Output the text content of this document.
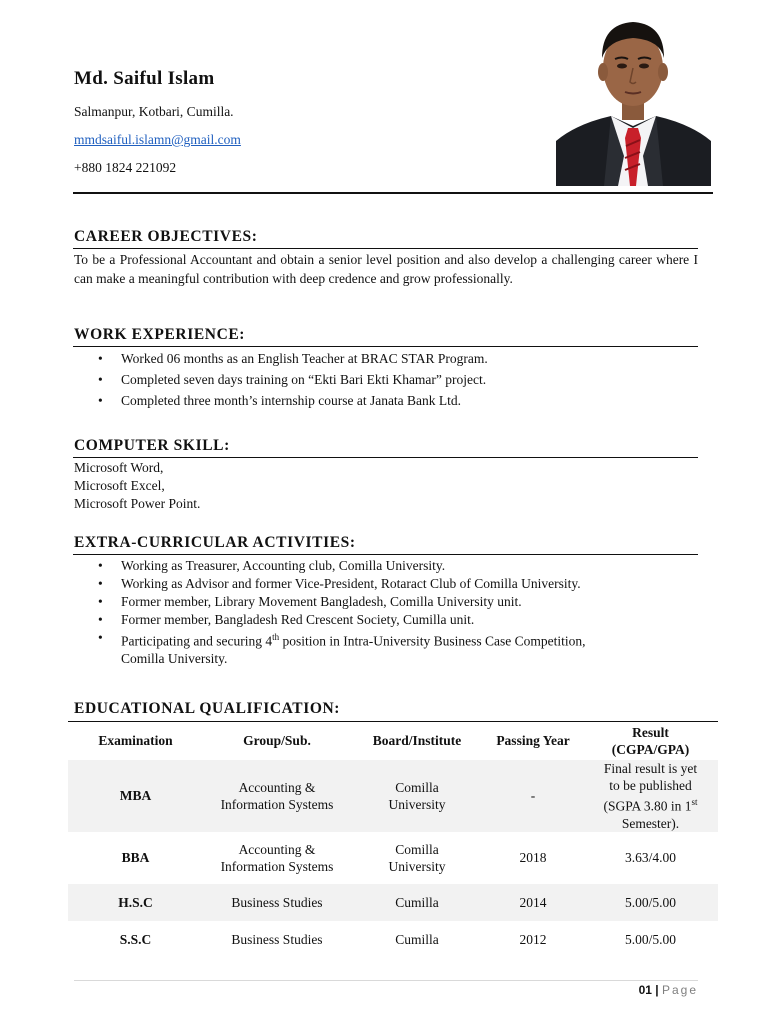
Md. Saiful Islam
Salmanpur, Kotbari, Cumilla.
mmdsaiful.islamn@gmail.com
+880 1824 221092
CAREER OBJECTIVES:
To be a Professional Accountant and obtain a senior level position and also develop a challenging career where I can make a meaningful contribution with deep credence and grow professionally.
WORK EXPERIENCE:
• Worked 06 months as an English Teacher at BRAC STAR Program.
• Completed seven days training on “Ekti Bari Ekti Khamar” project.
• Completed three month’s internship course at Janata Bank Ltd.
COMPUTER SKILL:
Microsoft Word,
Microsoft Excel,
Microsoft Power Point.
EXTRA-CURRICULAR ACTIVITIES:
• Working as Treasurer, Accounting club, Comilla University.
• Working as Advisor and former Vice-President, Rotaract Club of Comilla University.
• Former member, Library Movement Bangladesh, Comilla University unit.
• Former member, Bangladesh Red Crescent Society, Cumilla unit.
• Participating and securing 4th position in Intra-University Business Case Competition,
Comilla University.
EDUCATIONAL QUALIFICATION:
Examination	Group/Sub.	Board/Institute	Passing Year	Result
(CGPA/GPA)
MBA	Accounting &
Information Systems	Comilla
University	-	Final result is yet
to be published
(SGPA 3.80 in 1st
Semester).
BBA	Accounting &
Information Systems	Comilla
University	2018	3.63/4.00
H.S.C	Business Studies	Cumilla	2014	5.00/5.00
S.S.C	Business Studies	Cumilla	2012	5.00/5.00
01 | Page
